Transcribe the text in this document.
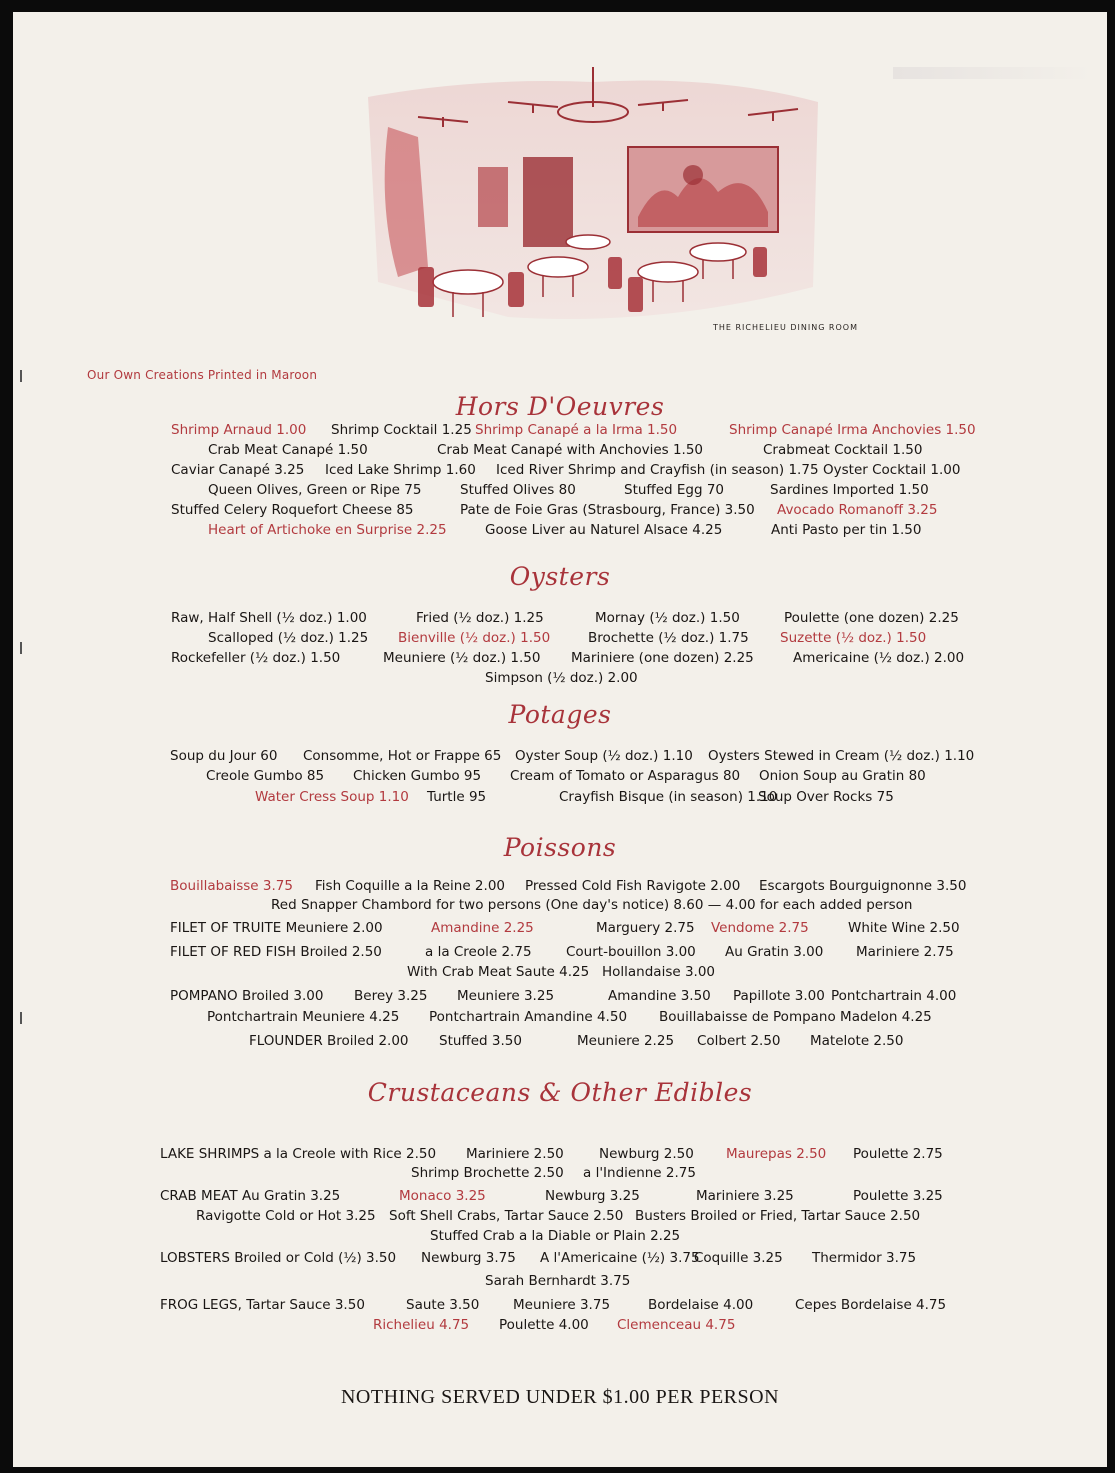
THE RICHELIEU DINING ROOM
Our Own Creations Printed in Maroon
NOTHING SERVED UNDER $1.00 PER PERSON
Hors D'Oeuvres
Shrimp Arnaud 1.00 Shrimp Cocktail 1.25 Shrimp Canapé a la Irma 1.50	Shrimp Canapé Irma Anchovies 1.50
Crab Meat Canapé 1.50	Crab Meat Canapé with Anchovies 1.50	Crabmeat Cocktail 1.50
Caviar Canapé 3.25 Iced Lake Shrimp 1.60 Iced River Shrimp and Crayfish (in season) 1.75 Oyster Cocktail 1.00
Queen Olives, Green or Ripe 75	Stuffed Olives 80	Stuffed Egg 70	Sardines Imported 1.50
Stuffed Celery Roquefort Cheese 85	Pate de Foie Gras (Strasbourg, France) 3.50 Avocado Romanoff 3.25
Heart of Artichoke en Surprise 2.25	Goose Liver au Naturel Alsace 4.25	Anti Pasto per tin 1.50
Oysters
Raw, Half Shell (½ doz.) 1.00	Fried (½ doz.) 1.25	Mornay (½ doz.) 1.50	Poulette (one dozen) 2.25
Scalloped (½ doz.) 1.25 Bienville (½ doz.) 1.50	Brochette (½ doz.) 1.75 Suzette (½ doz.) 1.50
Rockefeller (½ doz.) 1.50	Meuniere (½ doz.) 1.50 Mariniere (one dozen) 2.25	Americaine (½ doz.) 2.00
Simpson (½ doz.) 2.00
Potages
Soup du Jour 60 Consomme, Hot or Frappe 65 Oyster Soup (½ doz.) 1.10 Oysters Stewed in Cream (½ doz.) 1.10
Creole Gumbo 85 Chicken Gumbo 95 Cream of Tomato or Asparagus 80 Onion Soup au Gratin 80
Water Cress Soup 1.10 Turtle 95	Crayfish Bisque (in season) 1.10
Soup Over Rocks 75
Poissons
Bouillabaisse 3.75 Fish Coquille a la Reine 2.00 Pressed Cold Fish Ravigote 2.00 Escargots Bourguignonne 3.50
Red Snapper Chambord for two persons (One day's notice) 8.60 — 4.00 for each added person
FILET OF TRUITE Meuniere 2.00	Amandine 2.25	Marguery 2.75 Vendome 2.75	White Wine 2.50
FILET OF RED FISH Broiled 2.50	a la Creole 2.75	Court-bouillon 3.00 Au Gratin 3.00 Mariniere 2.75
With Crab Meat Saute 4.25 Hollandaise 3.00
POMPANO Broiled 3.00 Berey 3.25 Meuniere 3.25	Amandine 3.50 Papillote 3.00 Pontchartrain 4.00
Pontchartrain Meuniere 4.25 Pontchartrain Amandine 4.50 Bouillabaisse de Pompano Madelon 4.25
FLOUNDER Broiled 2.00 Stuffed 3.50	Meuniere 2.25 Colbert 2.50 Matelote 2.50
Crustaceans & Other Edibles
LAKE SHRIMPS a la Creole with Rice 2.50 Mariniere 2.50	Newburg 2.50 Maurepas 2.50 Poulette 2.75
Shrimp Brochette 2.50 a l'Indienne 2.75
CRAB MEAT Au Gratin 3.25	Monaco 3.25	Newburg 3.25	Mariniere 3.25	Poulette 3.25
Ravigotte Cold or Hot 3.25 Soft Shell Crabs, Tartar Sauce 2.50 Busters Broiled or Fried, Tartar Sauce 2.50
Stuffed Crab a la Diable or Plain 2.25
LOBSTERS Broiled or Cold (½) 3.50 Newburg 3.75 A l'Americaine (½) 3.75
Coquille 3.25 Thermidor 3.75
Sarah Bernhardt 3.75
FROG LEGS, Tartar Sauce 3.50	Saute 3.50 Meuniere 3.75	Bordelaise 4.00	Cepes Bordelaise 4.75
Richelieu 4.75 Poulette 4.00 Clemenceau 4.75
